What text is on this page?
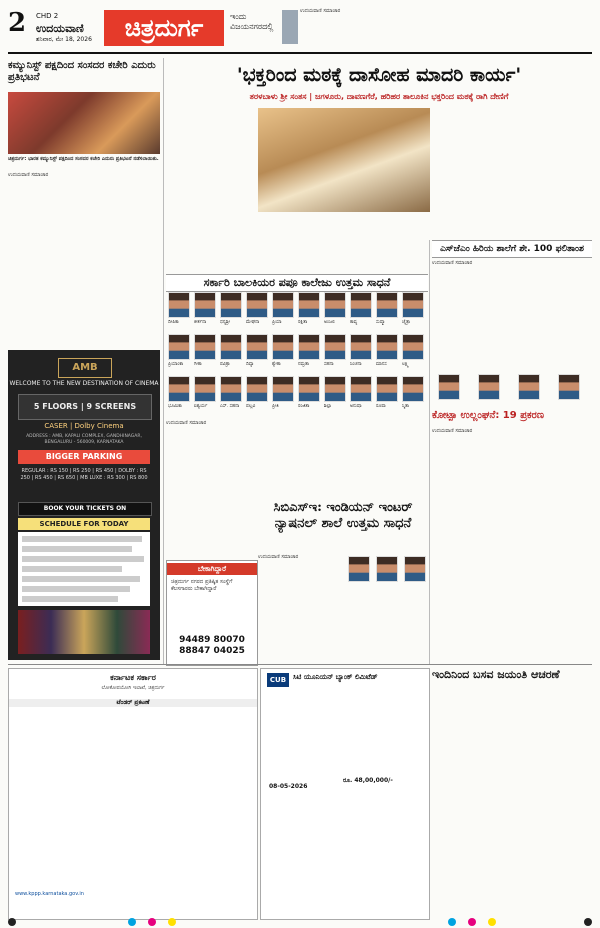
2 CHD 2
ಉದಯವಾಣಿ
ಶನಿವಾರ, ಮೇ 18, 2026	ಚಿತ್ರದುರ್ಗ	ಇಂದು ವಿಜಯನಗರದಲ್ಲಿ
ಉದಯವಾಣಿ ಸಮಾಚಾರ
ಕಮ್ಯುನಿಸ್ಟ್ ಪಕ್ಷದಿಂದ ಸಂಸದರ ಕಚೇರಿ ಎದುರು ಪ್ರತಿಭಟನೆ
ಚಿತ್ರದುರ್ಗ: ಭಾರತ ಕಮ್ಯುನಿಸ್ಟ್ ಪಕ್ಷದಿಂದ ಸಂಸದರ ಕಚೇರಿ ಎದುರು ಪ್ರತಿಭಟನೆ ನಡೆಸಲಾಯಿತು.
ಉದಯವಾಣಿ ಸಮಾಚಾರ
AMB
WELCOME TO THE NEW DESTINATION OF CINEMA
5 FLOORS | 9 SCREENS
CASER | Dolby Cinema
ADDRESS : AMB, KAPALI COMPLEX, GANDHINAGAR, BENGALURU - 560009, KARNATAKA
BIGGER PARKING
REGULAR : RS 150 | RS 250 | RS 450 | DOLBY : RS 250 | RS 450 | RS 650 | MB LUXE : RS 300 | RS 800
BOOK YOUR TICKETS ON
SCHEDULE FOR TODAY
'ಭಕ್ತರಿಂದ ಮಠಕ್ಕೆ ದಾಸೋಹ ಮಾದರಿ ಕಾರ್ಯ'
ತರಳಬಾಳು ಶ್ರೀ ಸಂತಸ | ಜಗಳೂರು, ದಾವಣಗೆರೆ, ಹರಿಹರ ತಾಲೂಕಿನ ಭಕ್ತರಿಂದ ಮಠಕ್ಕೆ ರಾಗಿ ದೇಣಿಗೆ
ಸರ್ಕಾರಿ ಬಾಲಕಿಯರ ಪಪೂ ಕಾಲೇಜು ಉತ್ತಮ ಸಾಧನೆ
ದೀಪಿಕಾ	ಕೀರ್ತನಾ	ಧನ್ಯಶ್ರೀ	ಮೇಘನಾ	ಪ್ರಿಯಾ	ರಕ್ಷಿತಾ	ಅಂಜಲಿ	ಕಾವ್ಯ	ಸುಷ್ಮಾ	ಚೈತ್ರಾ
ಪ್ರಿಯಾಂಕಾ ಗೀತಾ	ಪವಿತ್ರಾ	ದಿವ್ಯಾ	ಶ್ವೇತಾ	ನಮ್ರತಾ	ಸಹನಾ	ಸಿಂಚನಾ	ಮಾನಸ	ಲಕ್ಷ್ಮಿ
ಭೂಮಿಕಾ	ಐಶ್ವರ್ಯ	ಎಸ್. ಸಹನಾ ಪಲ್ಲವಿ	ಪ್ರೀತಿ	ರಂಜಿತಾ	ಶಿಲ್ಪಾ	ಅನುಷಾ	ರೂಪಾ	ಸ್ಮಿತಾ
ಎಸ್‌ಜೆಎಂ ಹಿರಿಯ ಶಾಲೆಗೆ ಶೇ. 100 ಫಲಿತಾಂಶ
ಉದಯವಾಣಿ ಸಮಾಚಾರ
ಕೋಟ್ಪಾ ಉಲ್ಲಂಘನೆ: 19 ಪ್ರಕರಣ
ಉದಯವಾಣಿ ಸಮಾಚಾರ
ಉದಯವಾಣಿ ಸಮಾಚಾರ
ಸಿಬಿಎಸ್ಇ: ಇಂಡಿಯನ್ ಇಂಟರ್ ನ್ಯಾಷನಲ್ ಶಾಲೆ ಉತ್ತಮ ಸಾಧನೆ
ಉದಯವಾಣಿ ಸಮಾಚಾರ
ಬೇಕಾಗಿದ್ದಾರೆ
ಚಿತ್ರದುರ್ಗ ನಗರದ ಪ್ರತಿಷ್ಠಿತ ಸಂಸ್ಥೆಗೆ ಕೆಲಸಗಾರರು ಬೇಕಾಗಿದ್ದಾರೆ
94489 80070
88847 04025
ಕರ್ನಾಟಕ ಸರ್ಕಾರ
ಲೋಕೋಪಯೋಗಿ ಇಲಾಖೆ, ಚಿತ್ರದುರ್ಗ
ಟೆಂಡರ್ ಪ್ರಕಟಣೆ
www.kppp.karnataka.gov.in
CUB ಸಿಟಿ ಯೂನಿಯನ್ ಬ್ಯಾಂಕ್ ಲಿಮಿಟೆಡ್
08-05-2026
ರೂ. 48,00,000/-
ಇಂದಿನಿಂದ ಬಸವ ಜಯಂತಿ ಆಚರಣೆ
